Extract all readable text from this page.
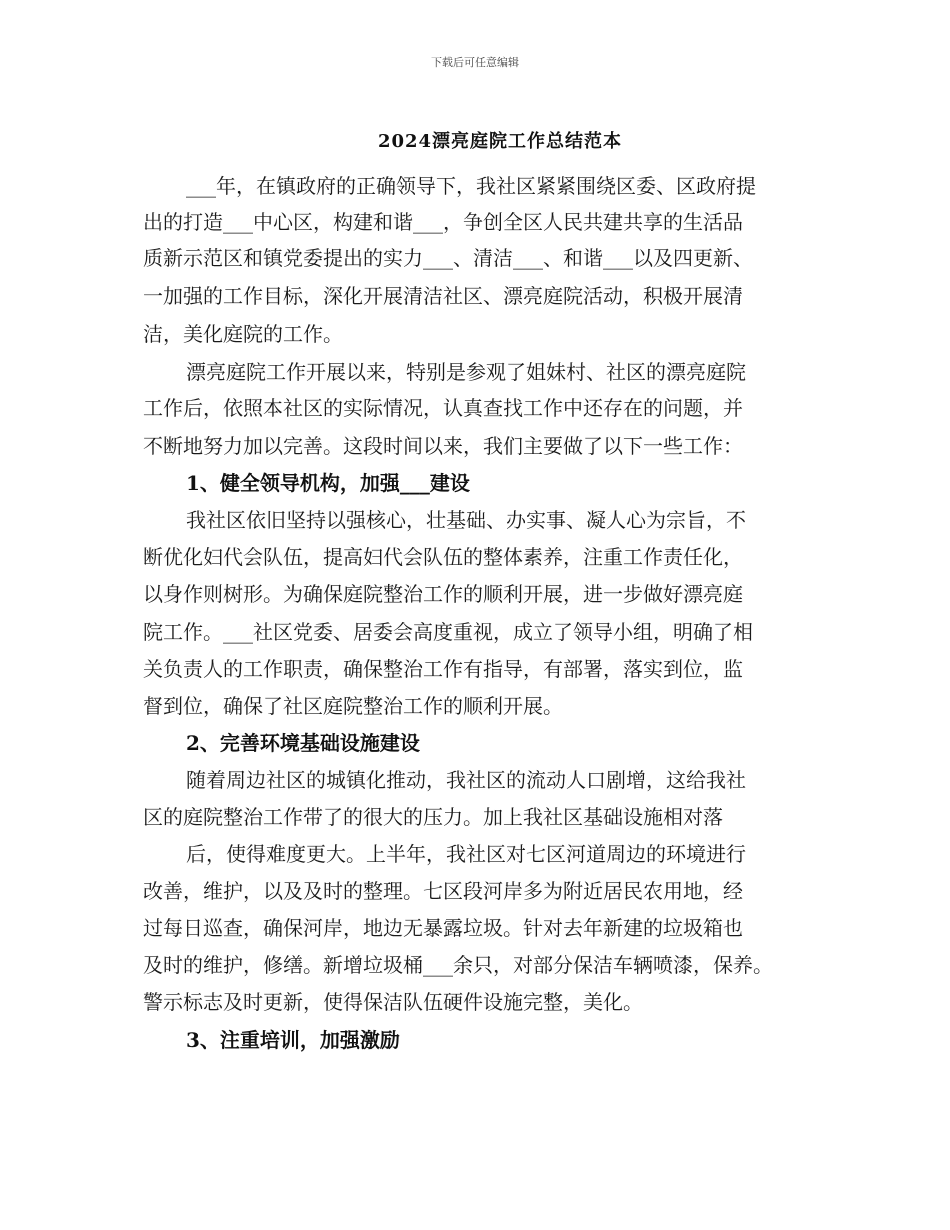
下载后可任意编辑
2024漂亮庭院工作总结范本
___年，在镇政府的正确领导下，我社区紧紧围绕区委、区政府提
出的打造___中心区，构建和谐___，争创全区人民共建共享的生活品
质新示范区和镇党委提出的实力___、清洁___、和谐___以及四更新、
一加强的工作目标，深化开展清洁社区、漂亮庭院活动，积极开展清
洁，美化庭院的工作。
漂亮庭院工作开展以来，特别是参观了姐妹村、社区的漂亮庭院
工作后，依照本社区的实际情况，认真查找工作中还存在的问题，并
不断地努力加以完善。这段时间以来，我们主要做了以下一些工作：
1、健全领导机构，加强___建设
我社区依旧坚持以强核心，壮基础、办实事、凝人心为宗旨，不
断优化妇代会队伍，提高妇代会队伍的整体素养，注重工作责任化，
以身作则树形。为确保庭院整治工作的顺利开展，进一步做好漂亮庭
院工作。___社区党委、居委会高度重视，成立了领导小组，明确了相
关负责人的工作职责，确保整治工作有指导，有部署，落实到位，监
督到位，确保了社区庭院整治工作的顺利开展。
2、完善环境基础设施建设
随着周边社区的城镇化推动，我社区的流动人口剧增，这给我社
区的庭院整治工作带了的很大的压力。加上我社区基础设施相对落
后，使得难度更大。上半年，我社区对七区河道周边的环境进行
改善，维护，以及及时的整理。七区段河岸多为附近居民农用地，经
过每日巡查，确保河岸，地边无暴露垃圾。针对去年新建的垃圾箱也
及时的维护，修缮。新增垃圾桶___余只，对部分保洁车辆喷漆，保养。
警示标志及时更新，使得保洁队伍硬件设施完整，美化。
3、注重培训，加强激励
